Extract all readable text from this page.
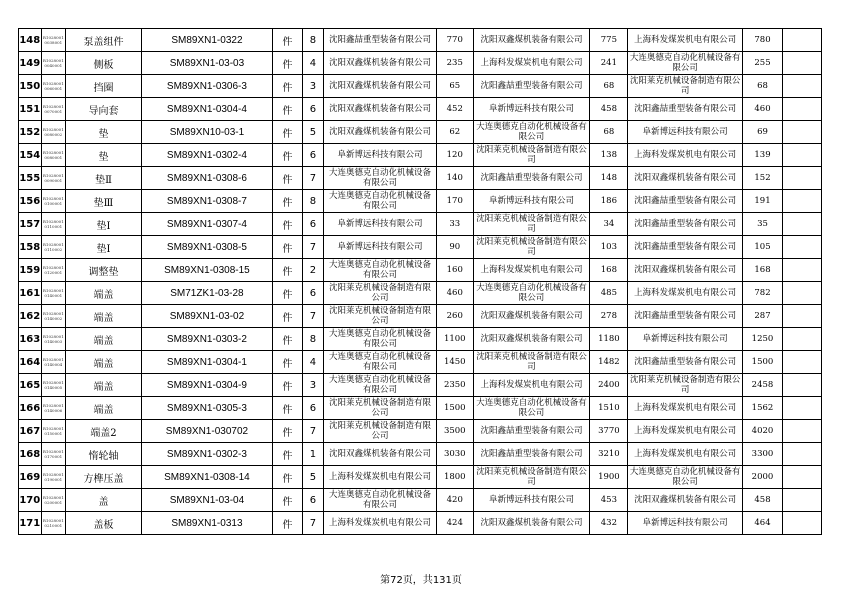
148	R1028001 0038001	泵盖组件	SM89XN1-0322	件	8	沈阳鑫喆重型装备有限公司	770	沈阳双鑫煤机装备有限公司	775	上海科发煤炭机电有限公司	780	
149	R1028001 0040001	侧板	SM89XN1-03-03	件	4	沈阳双鑫煤机装备有限公司	235	上海科发煤炭机电有限公司	241	大连奥德克自动化机械设备有限公司	255	
150	R1028001 0060001	挡圈	SM89XN1-0306-3	件	3	沈阳双鑫煤机装备有限公司	65	沈阳鑫喆重型装备有限公司	68	沈阳莱克机械设备制造有限公司	68	
151	R1028001 0070001	导向套	SM89XN1-0304-4	件	6	沈阳双鑫煤机装备有限公司	452	阜新博远科技有限公司	458	沈阳鑫喆重型装备有限公司	460	
152	R1028001 0080002	垫	SM89XN10-03-1	件	5	沈阳双鑫煤机装备有限公司	62	大连奥德克自动化机械设备有限公司	68	阜新博远科技有限公司	69	
154	R1028001 0080001	垫	SM89XN1-0302-4	件	6	阜新博远科技有限公司	120	沈阳莱克机械设备制造有限公司	138	上海科发煤炭机电有限公司	139	
155	R1028001 0090001	垫Ⅱ	SM89XN1-0308-6	件	7	大连奥德克自动化机械设备有限公司	140	沈阳鑫喆重型装备有限公司	148	沈阳双鑫煤机装备有限公司	152	
156	R1028001 0100001	垫Ⅲ	SM89XN1-0308-7	件	8	大连奥德克自动化机械设备有限公司	170	阜新博远科技有限公司	186	沈阳鑫喆重型装备有限公司	191	
157	R1028001 0110001	垫Ⅰ	SM89XN1-0307-4	件	6	阜新博远科技有限公司	33	沈阳莱克机械设备制造有限公司	34	沈阳鑫喆重型装备有限公司	35	
158	R1028001 0110002	垫Ⅰ	SM89XN1-0308-5	件	7	阜新博远科技有限公司	90	沈阳莱克机械设备制造有限公司	103	沈阳鑫喆重型装备有限公司	105	
159	R1028001 0120001	调整垫	SM89XN1-0308-15	件	2	大连奥德克自动化机械设备有限公司	160	上海科发煤炭机电有限公司	168	沈阳双鑫煤机装备有限公司	168	
161	R1028001 0140001	端盖	SM71ZK1-03-28	件	6	沈阳莱克机械设备制造有限公司	460	大连奥德克自动化机械设备有限公司	485	上海科发煤炭机电有限公司	782	
162	R1028001 0140002	端盖	SM89XN1-03-02	件	7	沈阳莱克机械设备制造有限公司	260	沈阳双鑫煤机装备有限公司	278	沈阳鑫喆重型装备有限公司	287	
163	R1028001 0140003	端盖	SM89XN1-0303-2	件	8	大连奥德克自动化机械设备有限公司	1100	沈阳双鑫煤机装备有限公司	1180	阜新博远科技有限公司	1250	
164	R1028001 0140004	端盖	SM89XN1-0304-1	件	4	大连奥德克自动化机械设备有限公司	1450	沈阳莱克机械设备制造有限公司	1482	沈阳鑫喆重型装备有限公司	1500	
165	R1028001 0140005	端盖	SM89XN1-0304-9	件	3	大连奥德克自动化机械设备有限公司	2350	上海科发煤炭机电有限公司	2400	沈阳莱克机械设备制造有限公司	2458	
166	R1028001 0140006	端盖	SM89XN1-0305-3	件	6	沈阳莱克机械设备制造有限公司	1500	大连奥德克自动化机械设备有限公司	1510	上海科发煤炭机电有限公司	1562	
167	R1028001 0150001	端盖2	SM89XN1-030702	件	7	沈阳莱克机械设备制造有限公司	3500	沈阳鑫喆重型装备有限公司	3770	上海科发煤炭机电有限公司	4020	
168	R1028001 0170001	惰轮轴	SM89XN1-0302-3	件	1	沈阳双鑫煤机装备有限公司	3030	沈阳鑫喆重型装备有限公司	3210	上海科发煤炭机电有限公司	3300	
169	R1028001 0190001	方榫压盖	SM89XN1-0308-14	件	5	上海科发煤炭机电有限公司	1800	沈阳莱克机械设备制造有限公司	1900	大连奥德克自动化机械设备有限公司	2000	
170	R1028001 0200001	盖	SM89XN1-03-04	件	6	大连奥德克自动化机械设备有限公司	420	阜新博远科技有限公司	453	沈阳双鑫煤机装备有限公司	458	
171	R1028001 0210001	盖板	SM89XN1-0313	件	7	上海科发煤炭机电有限公司	424	沈阳双鑫煤机装备有限公司	432	阜新博远科技有限公司	464	
第72页，共131页
